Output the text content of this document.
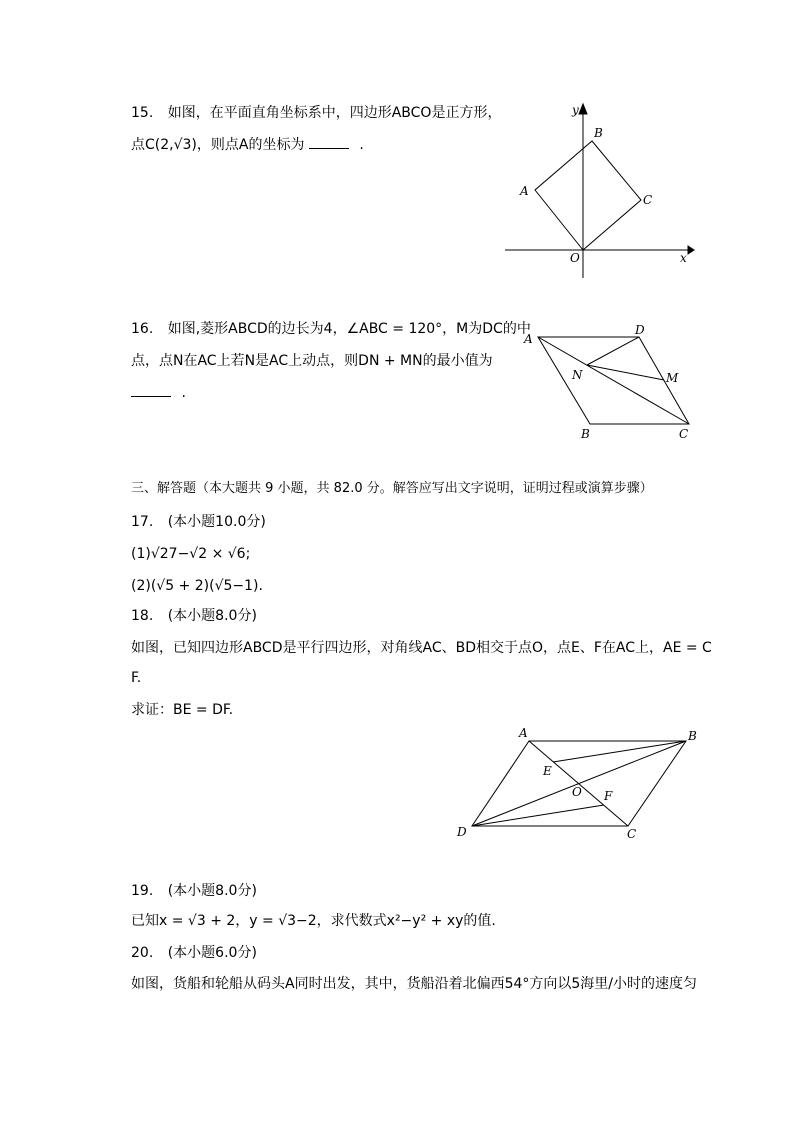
15. 如图，在平面直角坐标系中，四边形ABCO是正方形，
点C(2,√3)，则点A的坐标为	.
y
x
B
A
C
O
16. 如图,菱形ABCD的边长为4，∠ABC = 120°，M为DC的中
点，点N在AC上若N是AC上动点，则DN + MN的最小值为
.
A
D
N	M
B	C
三、解答题（本大题共 9 小题，共 82.0 分。解答应写出文字说明，证明过程或演算步骤）
17. (本小题10.0分)
(1)√27−√2 × √6;
(2)(√5 + 2)(√5−1).
18. (本小题8.0分)
如图，已知四边形ABCD是平行四边形，对角线AC、BD相交于点O，点E、F在AC上，AE = C
F.
求证：BE = DF.
A	B
E
O F
D	C
19. (本小题8.0分)
已知x = √3 + 2，y = √3−2，求代数式x²−y² + xy的值.
20. (本小题6.0分)
如图，货船和轮船从码头A同时出发，其中，货船沿着北偏西54°方向以5海里/小时的速度匀
